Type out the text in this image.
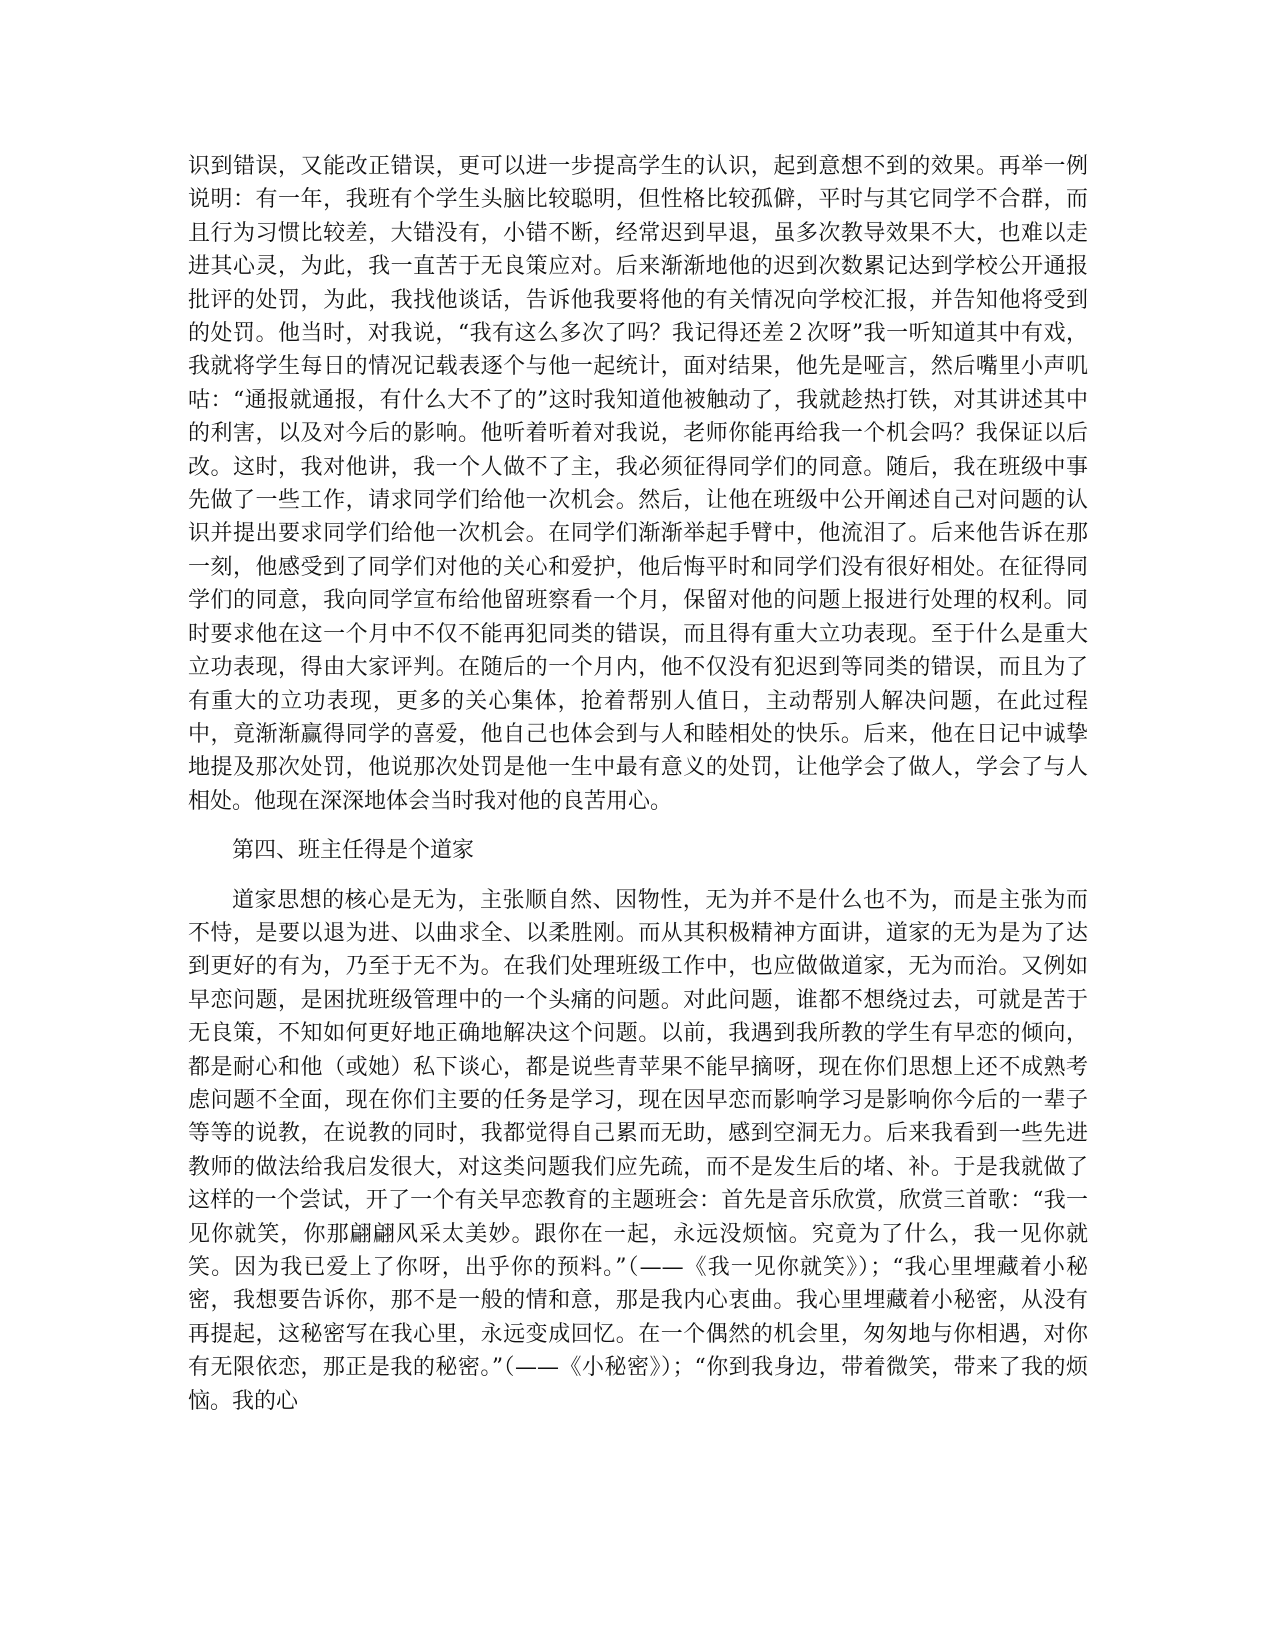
识到错误，又能改正错误，更可以进一步提高学生的认识，起到意想不到的效果。再举一例说明：有一年，我班有个学生头脑比较聪明，但性格比较孤僻，平时与其它同学不合群，而且行为习惯比较差，大错没有，小错不断，经常迟到早退，虽多次教导效果不大，也难以走进其心灵，为此，我一直苦于无良策应对。后来渐渐地他的迟到次数累记达到学校公开通报批评的处罚，为此，我找他谈话，告诉他我要将他的有关情况向学校汇报，并告知他将受到的处罚。他当时，对我说，“我有这么多次了吗？我记得还差２次呀”我一听知道其中有戏，我就将学生每日的情况记载表逐个与他一起统计，面对结果，他先是哑言，然后嘴里小声叽咕：“通报就通报，有什么大不了的”这时我知道他被触动了，我就趁热打铁，对其讲述其中的利害，以及对今后的影响。他听着听着对我说，老师你能再给我一个机会吗？我保证以后改。这时，我对他讲，我一个人做不了主，我必须征得同学们的同意。随后，我在班级中事先做了一些工作，请求同学们给他一次机会。然后，让他在班级中公开阐述自己对问题的认识并提出要求同学们给他一次机会。在同学们渐渐举起手臂中，他流泪了。后来他告诉在那一刻，他感受到了同学们对他的关心和爱护，他后悔平时和同学们没有很好相处。在征得同学们的同意，我向同学宣布给他留班察看一个月，保留对他的问题上报进行处理的权利。同时要求他在这一个月中不仅不能再犯同类的错误，而且得有重大立功表现。至于什么是重大立功表现，得由大家评判。在随后的一个月内，他不仅没有犯迟到等同类的错误，而且为了有重大的立功表现，更多的关心集体，抢着帮别人值日，主动帮别人解决问题，在此过程中，竟渐渐赢得同学的喜爱，他自己也体会到与人和睦相处的快乐。后来，他在日记中诚挚地提及那次处罚，他说那次处罚是他一生中最有意义的处罚，让他学会了做人，学会了与人相处。他现在深深地体会当时我对他的良苦用心。

第四、班主任得是个道家

道家思想的核心是无为，主张顺自然、因物性，无为并不是什么也不为，而是主张为而不恃，是要以退为进、以曲求全、以柔胜刚。而从其积极精神方面讲，道家的无为是为了达到更好的有为，乃至于无不为。在我们处理班级工作中，也应做做道家，无为而治。又例如早恋问题，是困扰班级管理中的一个头痛的问题。对此问题，谁都不想绕过去，可就是苦于无良策，不知如何更好地正确地解决这个问题。以前，我遇到我所教的学生有早恋的倾向，都是耐心和他（或她）私下谈心，都是说些青苹果不能早摘呀，现在你们思想上还不成熟考虑问题不全面，现在你们主要的任务是学习，现在因早恋而影响学习是影响你今后的一辈子等等的说教，在说教的同时，我都觉得自己累而无助，感到空洞无力。后来我看到一些先进教师的做法给我启发很大，对这类问题我们应先疏，而不是发生后的堵、补。于是我就做了这样的一个尝试，开了一个有关早恋教育的主题班会：首先是音乐欣赏，欣赏三首歌：“我一见你就笑，你那翩翩风采太美妙。跟你在一起，永远没烦恼。究竟为了什么，我一见你就笑。因为我已爱上了你呀，出乎你的预料。”（——《我一见你就笑》）；“我心里埋藏着小秘密，我想要告诉你，那不是一般的情和意，那是我内心衷曲。我心里埋藏着小秘密，从没有再提起，这秘密写在我心里，永远变成回忆。在一个偶然的机会里，匆匆地与你相遇，对你有无限依恋，那正是我的秘密。”（——《小秘密》）；“你到我身边，带着微笑，带来了我的烦恼。我的心
